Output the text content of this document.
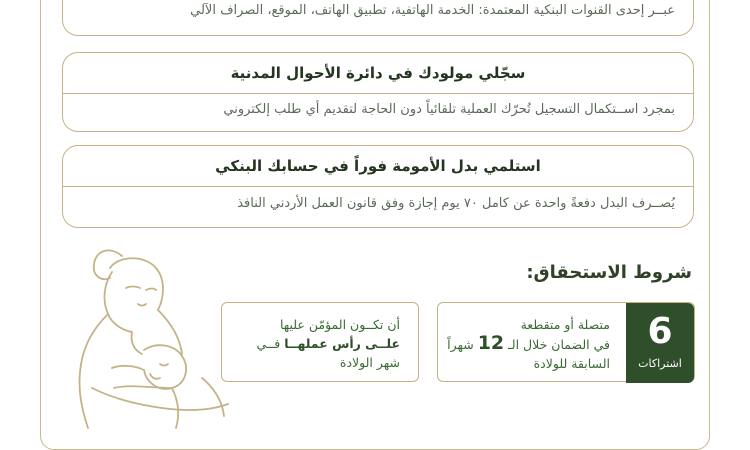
عبــر إحدى القنوات البنكية المعتمدة: الخدمة الهاتفية، تطبيق الهاتف، الموقع، الصراف الآلي
سجّلي مولودك في دائرة الأحوال المدنية
بمجرد اســتكمال التسجيل تُحرّك العملية تلقائياً دون الحاجة لتقديم أي طلب إلكتروني
استلمي بدل الأمومة فوراً في حسابك البنكي
يُصــرف البدل دفعةً واحدة عن كامل ٧٠ يوم إجازة وفق قانون العمل الأردني النافذ
شروط الاستحقاق:
6
اشتراكات
متصلة أو متقطعة
في الضمان خلال الـ 12 شهراً
السابقة للولادة
أن تكــون المؤمّن عليها
علــى رأس عملهــا فــي
شهر الولادة
